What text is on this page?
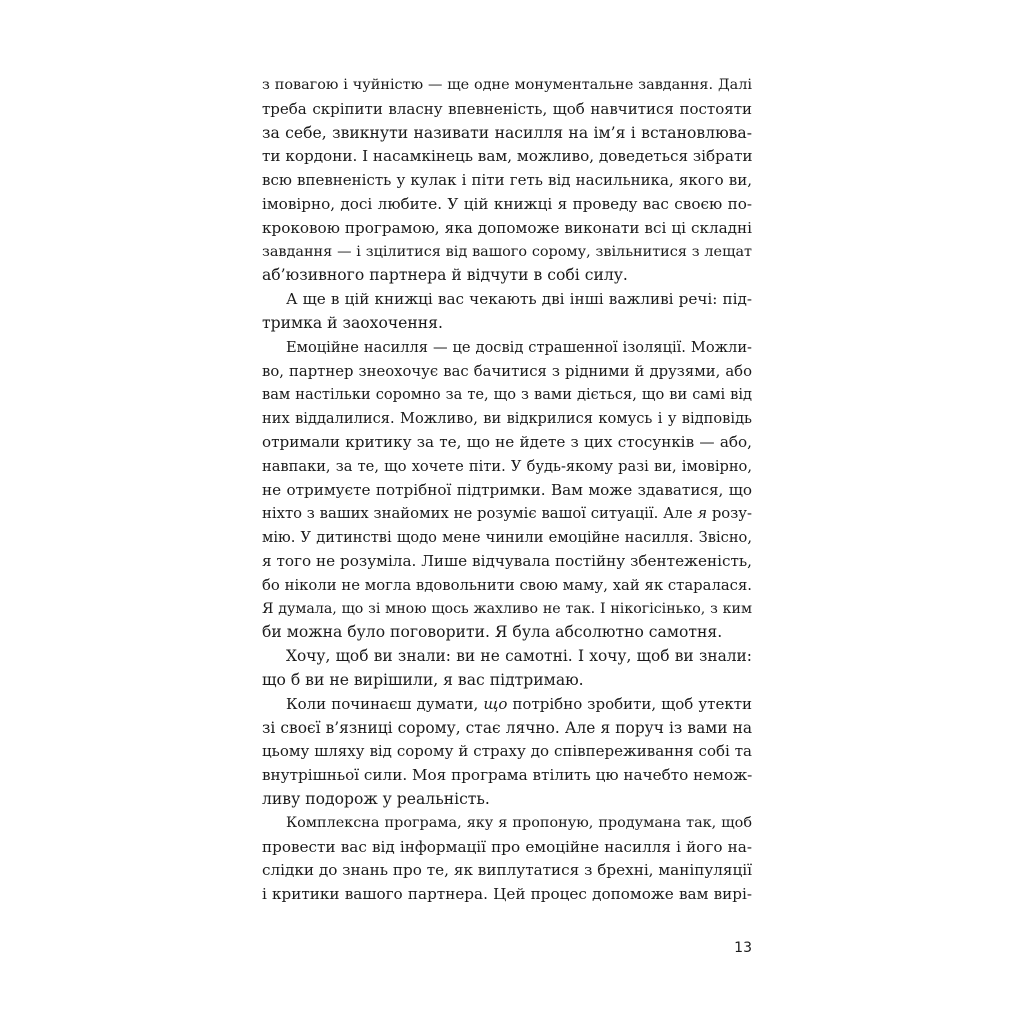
з повагою і чуйністю — ще одне монументальне завдання. Далі
треба скріпити власну впевненість, щоб навчитися постояти
за себе, звикнути називати насилля на ім’я і встановлюва-
ти кордони. І насамкінець вам, можливо, доведеться зібрати
всю впевненість у кулак і піти геть від насильника, якого ви,
імовірно, досі любите. У цій книжці я проведу вас своєю по-
кроковою програмою, яка допоможе виконати всі ці складні
завдання — і зцілитися від вашого сорому, звільнитися з лещат
аб’юзивного партнера й відчути в собі силу.
А ще в цій книжці вас чекають дві інші важливі речі: під-
тримка й заохочення.
Емоційне насилля — це досвід страшенної ізоляції. Можли-
во, партнер знеохочує вас бачитися з рідними й друзями, або
вам настільки соромно за те, що з вами діється, що ви самі від
них віддалилися. Можливо, ви відкрилися комусь і у відповідь
отримали критику за те, що не йдете з цих стосунків — або,
навпаки, за те, що хочете піти. У будь-якому разі ви, імовірно,
не отримуєте потрібної підтримки. Вам може здаватися, що
ніхто з ваших знайомих не розуміє вашої ситуації. Але я розу-
мію. У дитинстві щодо мене чинили емоційне насилля. Звісно,
я того не розуміла. Лише відчувала постійну збентеженість,
бо ніколи не могла вдовольнити свою маму, хай як старалася.
Я думала, що зі мною щось жахливо не так. І нікогісінько, з ким
би можна було поговорити. Я була абсолютно самотня.
Хочу, щоб ви знали: ви не самотні. І хочу, щоб ви знали:
що б ви не вирішили, я вас підтримаю.
Коли починаєш думати, що потрібно зробити, щоб утекти
зі своєї в’язниці сорому, стає лячно. Але я поруч із вами на
цьому шляху від сорому й страху до співпереживання собі та
внутрішньої сили. Моя програма втілить цю начебто немож-
ливу подорож у реальність.
Комплексна програма, яку я пропоную, продумана так, щоб
провести вас від інформації про емоційне насилля і його на-
слідки до знань про те, як виплутатися з брехні, маніпуляції
і критики вашого партнера. Цей процес допоможе вам вирі-
13
